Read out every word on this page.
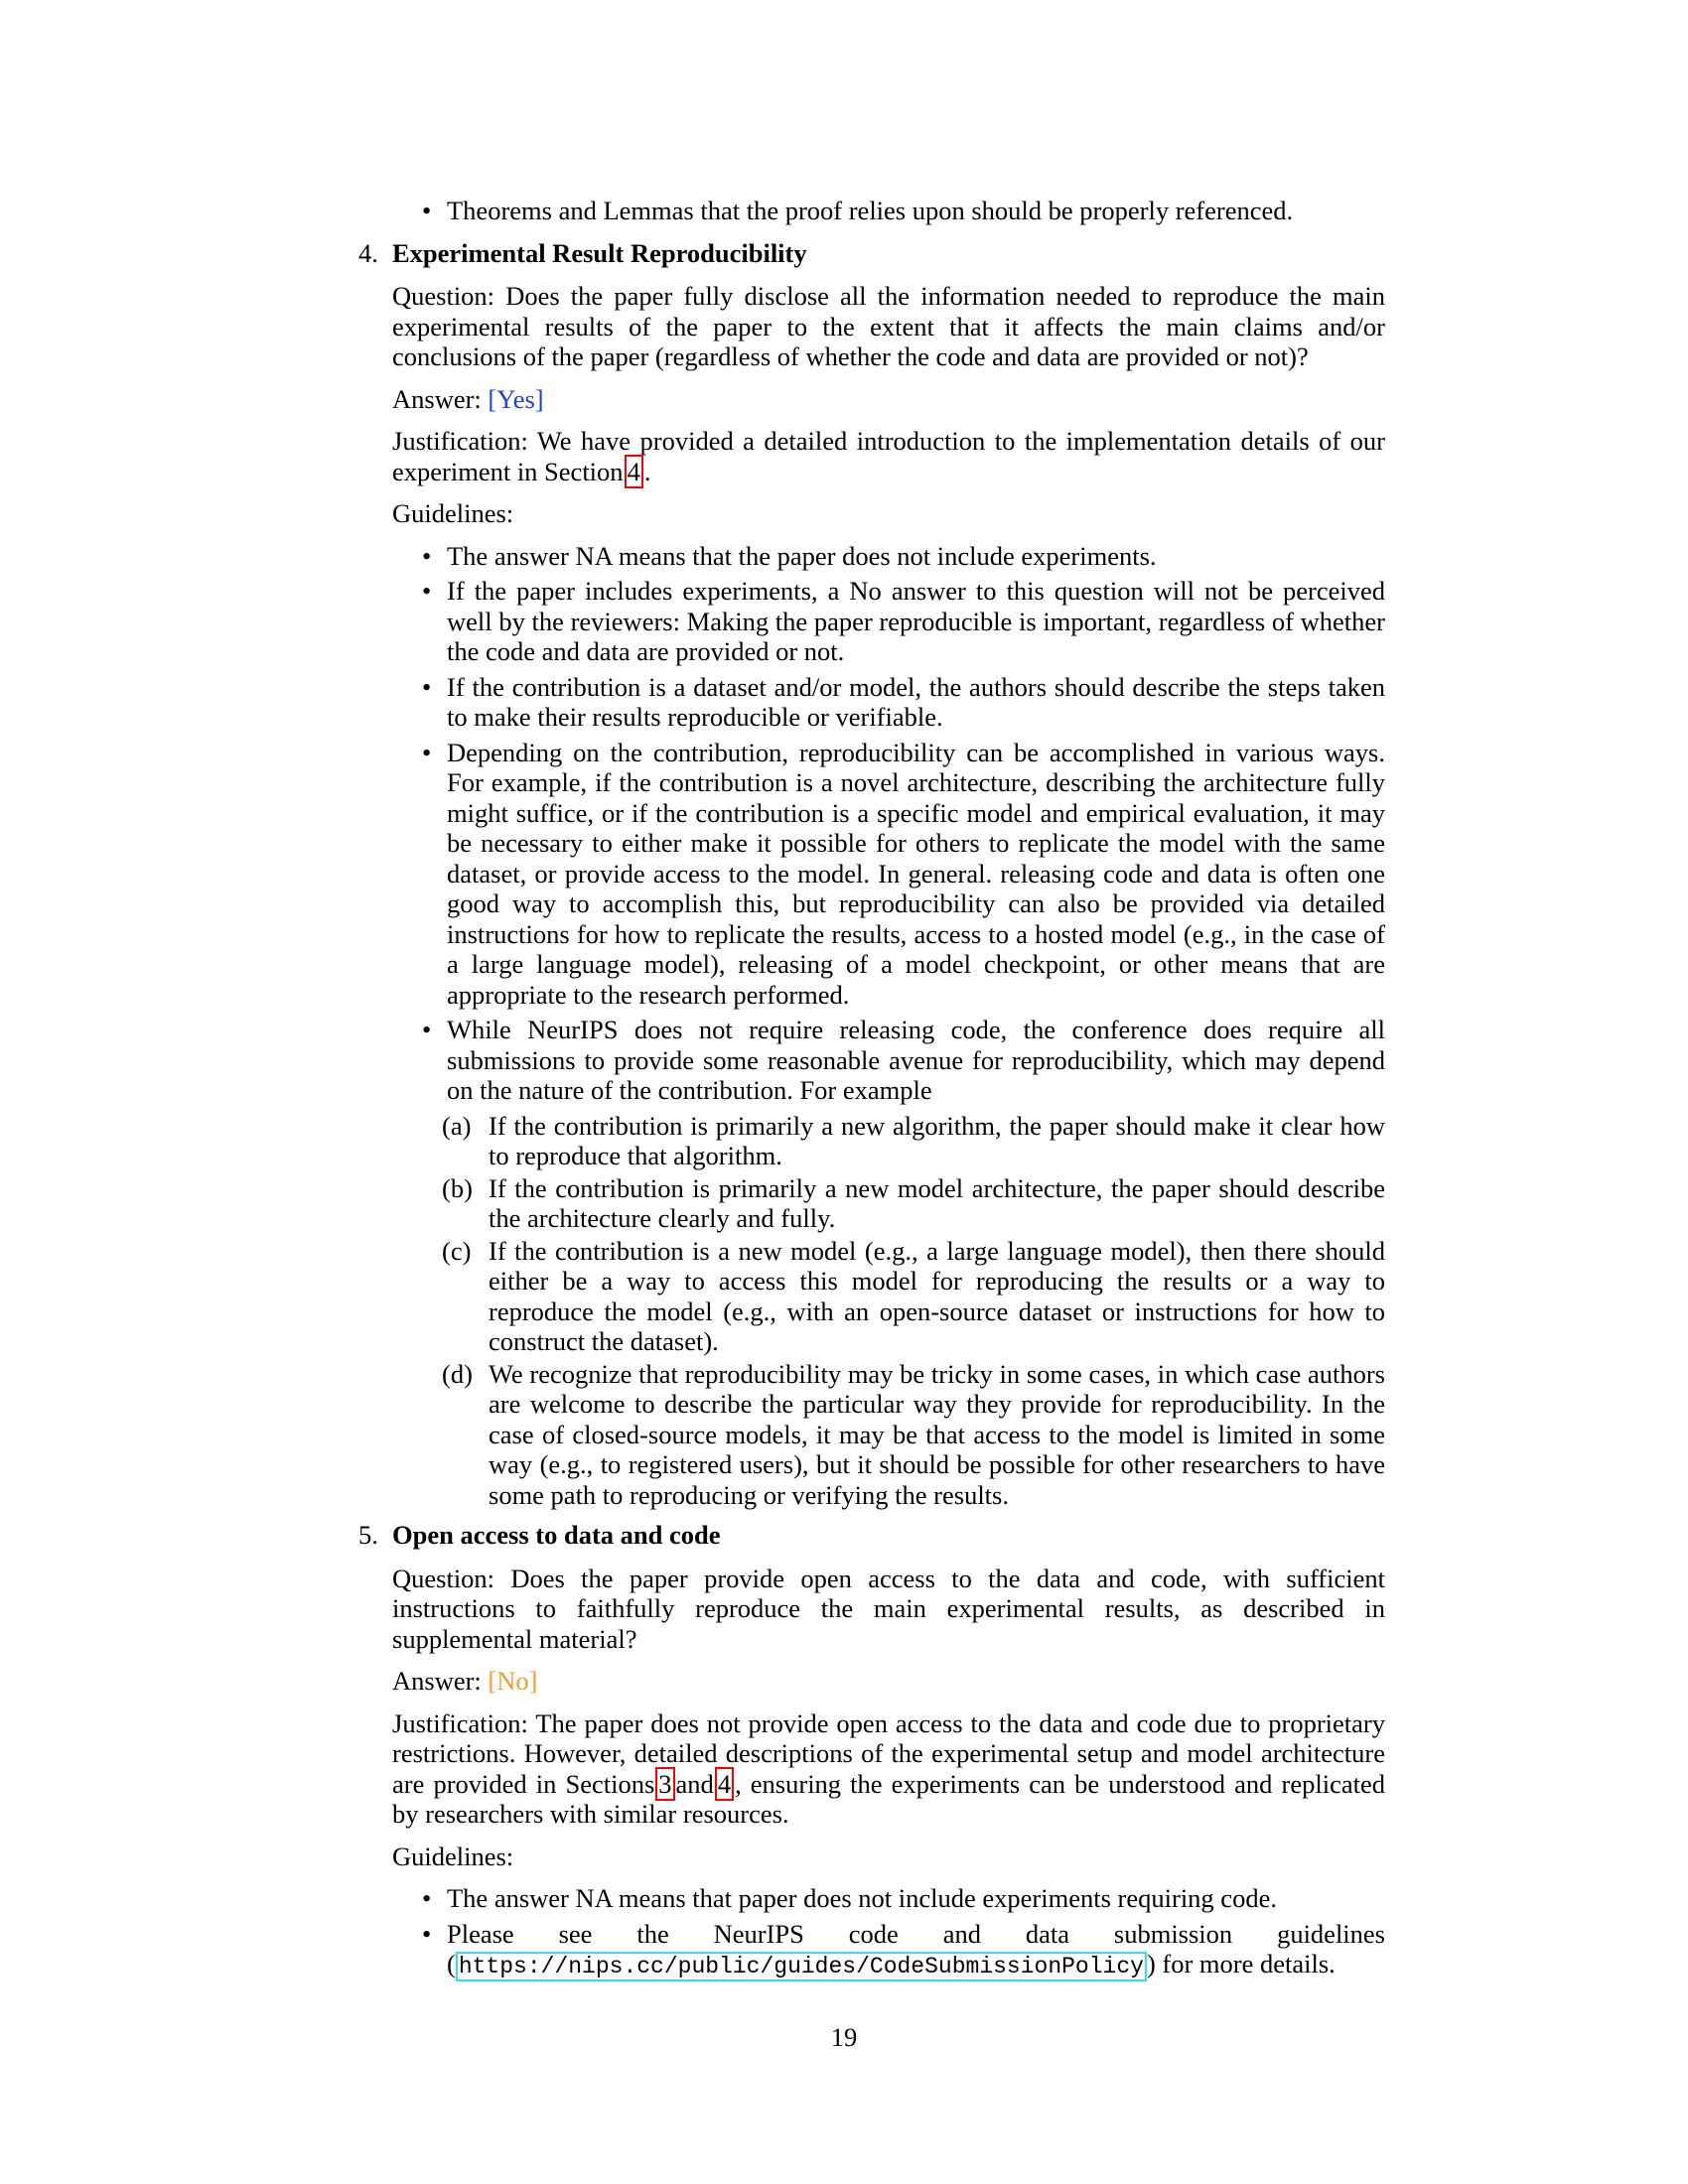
• Theorems and Lemmas that the proof relies upon should be properly referenced.
4. Experimental Result Reproducibility

Question: Does the paper fully disclose all the information needed to reproduce the main experimental results of the paper to the extent that it affects the main claims and/or conclusions of the paper (regardless of whether the code and data are provided or not)?

Answer: [Yes]

Justification: We have provided a detailed introduction to the implementation details of our experiment in Section 4 .

Guidelines:

• The answer NA means that the paper does not include experiments.
• If the paper includes experiments, a No answer to this question will not be perceived well by the reviewers: Making the paper reproducible is important, regardless of whether the code and data are provided or not.
• If the contribution is a dataset and/or model, the authors should describe the steps taken to make their results reproducible or verifiable.
• Depending on the contribution, reproducibility can be accomplished in various ways. For example, if the contribution is a novel architecture, describing the architecture fully might suffice, or if the contribution is a specific model and empirical evaluation, it may be necessary to either make it possible for others to replicate the model with the same dataset, or provide access to the model. In general. releasing code and data is often one good way to accomplish this, but reproducibility can also be provided via detailed instructions for how to replicate the results, access to a hosted model (e.g., in the case of a large language model), releasing of a model checkpoint, or other means that are appropriate to the research performed.
• While NeurIPS does not require releasing code, the conference does require all submissions to provide some reasonable avenue for reproducibility, which may depend on the nature of the contribution. For example
(a) If the contribution is primarily a new algorithm, the paper should make it clear how to reproduce that algorithm.
(b) If the contribution is primarily a new model architecture, the paper should describe the architecture clearly and fully.
(c) If the contribution is a new model (e.g., a large language model), then there should either be a way to access this model for reproducing the results or a way to reproduce the model (e.g., with an open-source dataset or instructions for how to construct the dataset).
(d) We recognize that reproducibility may be tricky in some cases, in which case authors are welcome to describe the particular way they provide for reproducibility. In the case of closed-source models, it may be that access to the model is limited in some way (e.g., to registered users), but it should be possible for other researchers to have some path to reproducing or verifying the results.
5. Open access to data and code

Question: Does the paper provide open access to the data and code, with sufficient instructions to faithfully reproduce the main experimental results, as described in supplemental material?

Answer: [No]

Justification: The paper does not provide open access to the data and code due to proprietary restrictions. However, detailed descriptions of the experimental setup and model architecture are provided in Sections 3 and 4 , ensuring the experiments can be understood and replicated by researchers with similar resources.

Guidelines:

• The answer NA means that paper does not include experiments requiring code.
• Please see the NeurIPS code and data submission guidelines ( https://nips.cc/public/guides/CodeSubmissionPolicy ) for more details.
19
